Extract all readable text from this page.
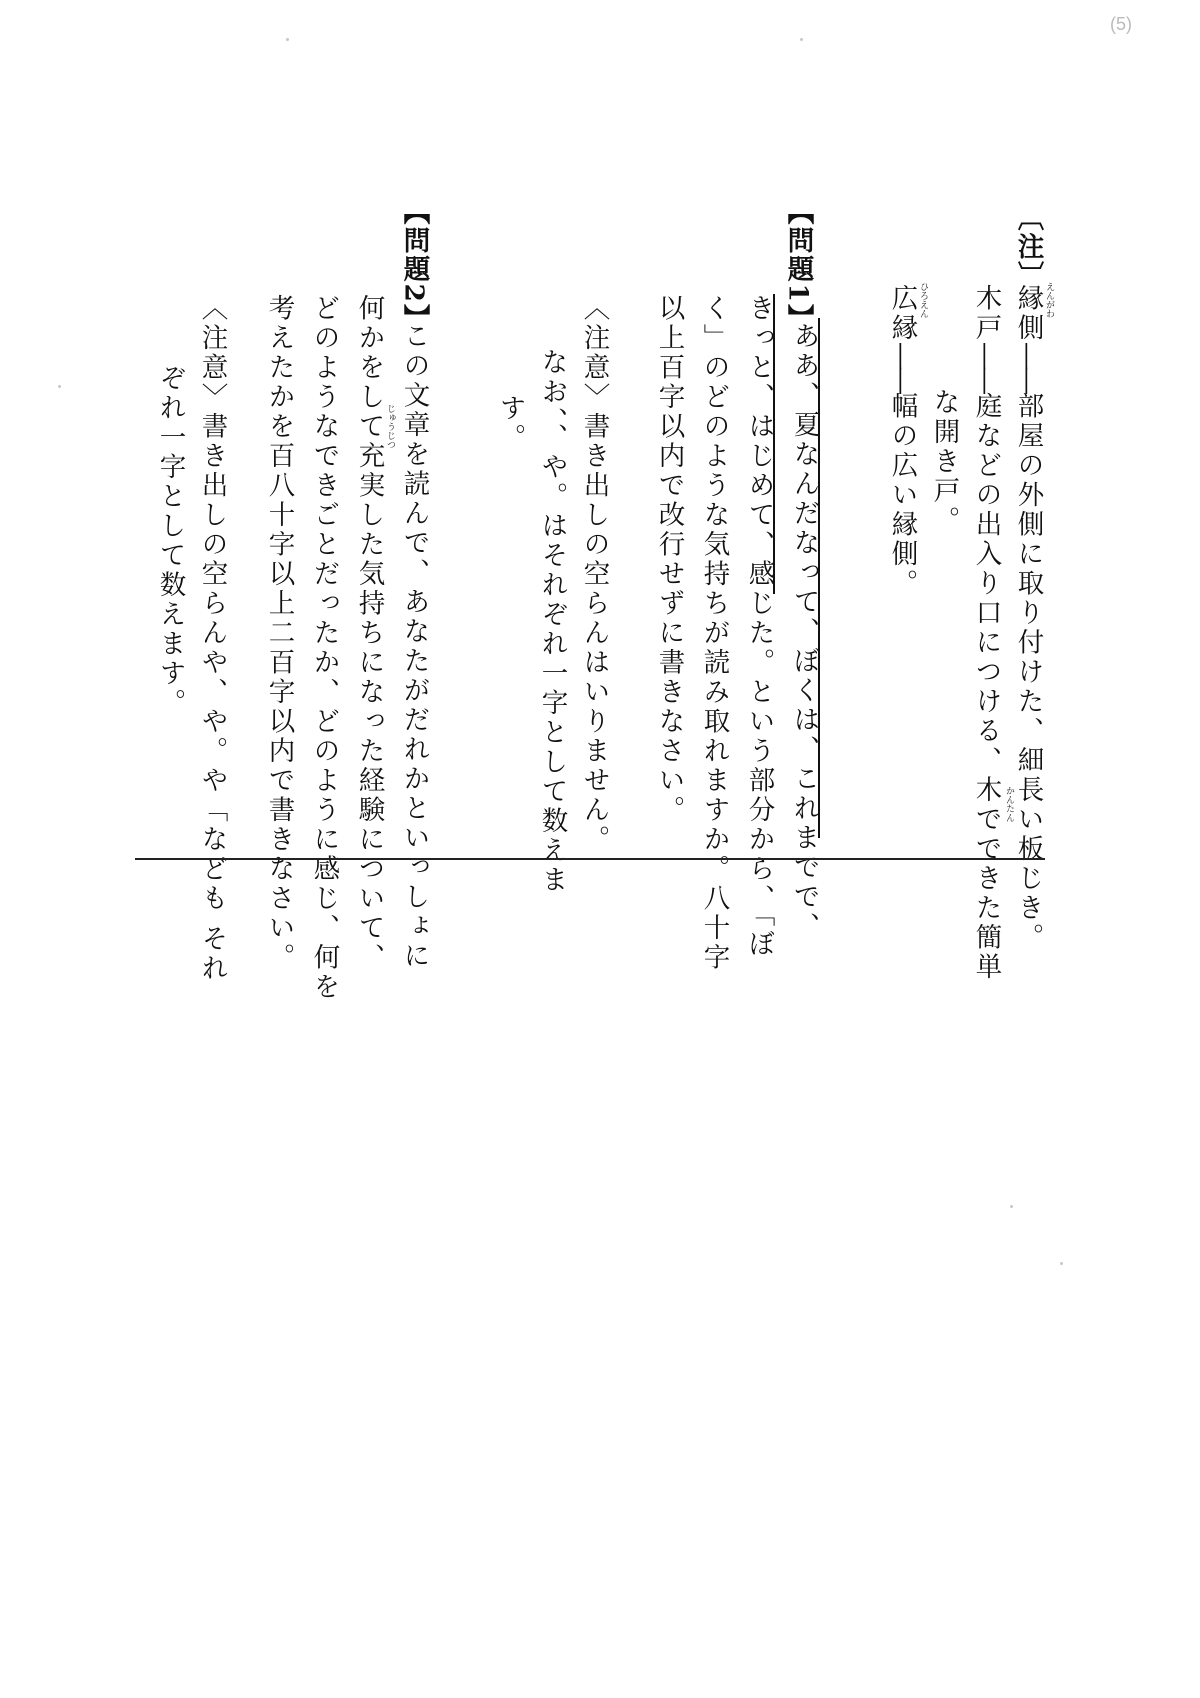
(5)
〔注〕
縁側――部屋の外側に取り付けた、細長い板じき。
えんがわ
木戸――庭などの出入り口につける、木でできた簡単 かんたん
な開き戸。
広縁――幅の広い縁側。
ひろえん
【問題1】
ああ、夏なんだなって、ぼくは、これまでで、
きっと、はじめて、感じた。という部分から、「ぼ
く」のどのような気持ちが読み取れますか。八十字
以上百字以内で改行せずに書きなさい。
〈注意〉書き出しの空らんはいりません。
なお、、や。はそれぞれ一字として数えま
す。
【問題2】
この文章を読んで、あなたがだれかといっしょに
何かをして充実した気持ちになった経験について、 じゅうじつ
どのようなできごとだったか、どのように感じ、何を
考えたかを百八十字以上二百字以内で書きなさい。
〈注意〉書き出しの空らんや、や。や「なども それ
ぞれ一字として数えます。
